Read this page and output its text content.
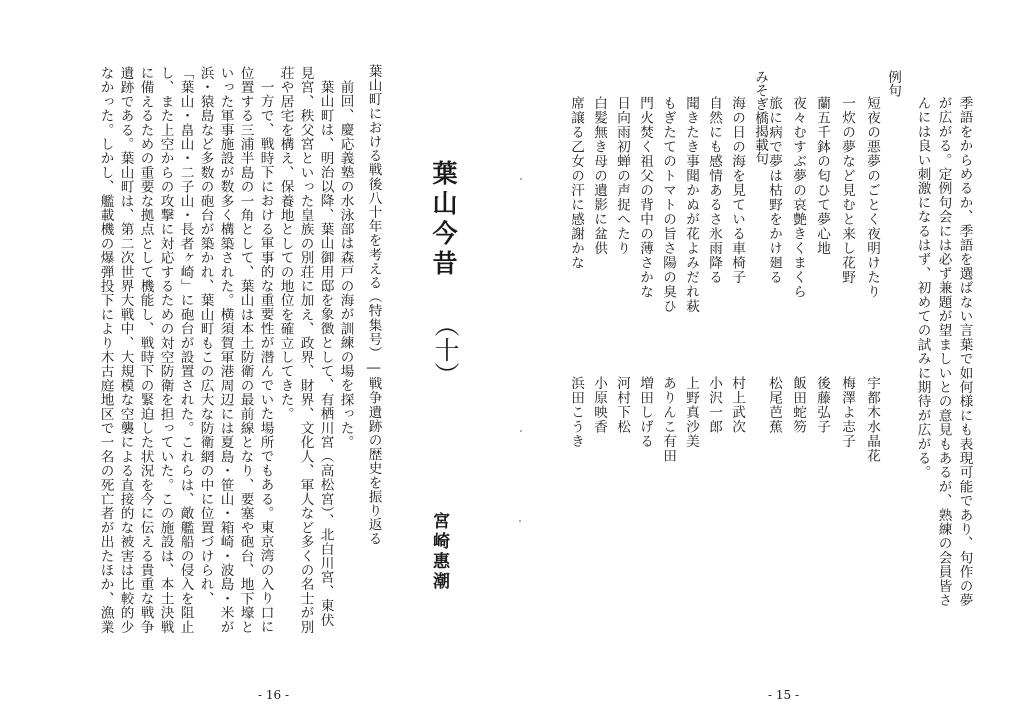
季語をからめるか、季語を選ばない言葉で如何様にも表現可能であり、句作の夢
が広がる。定例句会には必ず兼題が望ましいとの意見もあるが、熟練の会員皆さ
んには良い刺激になるはず、初めての試みに期待が広がる。
例句
短夜の悪夢のごとく夜明けたり
宇都木水晶花
一炊の夢など見むと来し花野
梅澤よ志子
蘭五千鉢の匂ひて夢心地
後藤弘子
夜々むすぶ夢の哀艶きくまくら
飯田蛇笏
旅に病で夢は枯野をかけ廻る
松尾芭蕉
みそぎ橋揭載句
海の日の海を見ている車椅子
村上武次
自然にも感情あるさ氷雨降る
小沢一郎
聞きたき事聞かぬが花よみだれ萩
上野真沙美
もぎたてのトマトの旨さ陽の臭ひ
ありんこ有田
門火焚く祖父の背中の薄さかな
増田しげる
日向雨初蝉の声捉へたり
河村下松
白髪無き母の遺影に盆供
小原映香
席譲る乙女の汗に感謝かな
浜田こうき
- 15 -
葉山今昔
（十）
宮崎惠潮
葉山町における戦後八十年を考える（特集号）―戦争遺跡の歴史を振り返る
前回、慶応義塾の水泳部は森戸の海が訓練の場を探った。
葉山町は、明治以降、葉山御用邸を象徴として、有栖川宮（高松宮）、北白川宮、東伏
見宮、秩父宮といった皇族の別荘に加え、政界、財界、文化人、軍人など多くの名士が別
荘や居宅を構え、保養地としての地位を確立してきた。
一方で、戦時下における軍事的な重要性が潜んでいた場所でもある。東京湾の入り口に
位置する三浦半島の一角として、葉山は本土防衛の最前線となり、要塞や砲台、地下壕と
いった軍事施設が数多く構築された。横須賀軍港周辺には夏島・笹山・箱崎・波島・米が
浜・猿島など多数の砲台が築かれ、葉山町もこの広大な防衛網の中に位置づけられ、
「葉山・畠山・二子山・長者ヶ崎」に砲台が設置された。これらは、敵艦船の侵入を阻止
し、また上空からの攻撃に対応するための対空防衛を担っていた。この施設は、本土決戦
に備えるための重要な拠点として機能し、戦時下の緊迫した状況を今に伝える貴重な戦争
遺跡である。葉山町は、第二次世界大戦中、大規模な空襲による直接的な被害は比較的少
なかった。しかし、艦載機の爆弾投下により木古庭地区で一名の死亡者が出たほか、漁業
- 16 -
